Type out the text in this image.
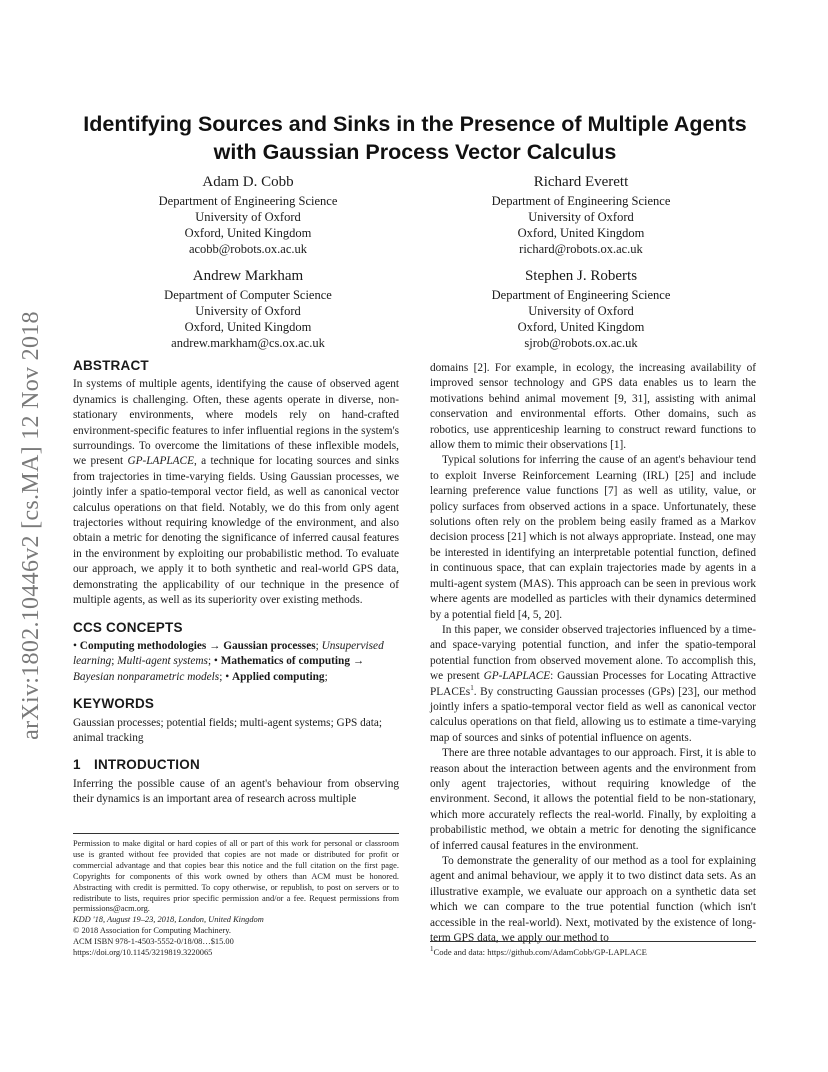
arXiv:1802.10446v2 [cs.MA] 12 Nov 2018
Identifying Sources and Sinks in the Presence of Multiple Agents with Gaussian Process Vector Calculus
Adam D. Cobb
Department of Engineering Science
University of Oxford
Oxford, United Kingdom
acobb@robots.ox.ac.uk
Richard Everett
Department of Engineering Science
University of Oxford
Oxford, United Kingdom
richard@robots.ox.ac.uk
Andrew Markham
Department of Computer Science
University of Oxford
Oxford, United Kingdom
andrew.markham@cs.ox.ac.uk
Stephen J. Roberts
Department of Engineering Science
University of Oxford
Oxford, United Kingdom
sjrob@robots.ox.ac.uk
ABSTRACT

In systems of multiple agents, identifying the cause of observed agent dynamics is challenging. Often, these agents operate in diverse, non-stationary environments, where models rely on hand-crafted environment-specific features to infer influential regions in the system's surroundings. To overcome the limitations of these inflexible models, we present GP-LAPLACE, a technique for locating sources and sinks from trajectories in time-varying fields. Using Gaussian processes, we jointly infer a spatio-temporal vector field, as well as canonical vector calculus operations on that field. Notably, we do this from only agent trajectories without requiring knowledge of the environment, and also obtain a metric for denoting the significance of inferred causal features in the environment by exploiting our probabilistic method. To evaluate our approach, we apply it to both synthetic and real-world GPS data, demonstrating the applicability of our technique in the presence of multiple agents, as well as its superiority over existing methods.

CCS CONCEPTS

• Computing methodologies → Gaussian processes; Unsupervised learning; Multi-agent systems; • Mathematics of computing → Bayesian nonparametric models; • Applied computing;

KEYWORDS

Gaussian processes; potential fields; multi-agent systems; GPS data; animal tracking

1 INTRODUCTION

Inferring the possible cause of an agent's behaviour from observing their dynamics is an important area of research across multiple

Permission to make digital or hard copies of all or part of this work for personal or classroom use is granted without fee provided that copies are not made or distributed for profit or commercial advantage and that copies bear this notice and the full citation on the first page. Copyrights for components of this work owned by others than ACM must be honored. Abstracting with credit is permitted. To copy otherwise, or republish, to post on servers or to redistribute to lists, requires prior specific permission and/or a fee. Request permissions from permissions@acm.org.

KDD '18, August 19–23, 2018, London, United Kingdom

© 2018 Association for Computing Machinery.

ACM ISBN 978-1-4503-5552-0/18/08…$15.00

https://doi.org/10.1145/3219819.3220065

domains [2]. For example, in ecology, the increasing availability of improved sensor technology and GPS data enables us to learn the motivations behind animal movement [9, 31], assisting with animal conservation and environmental efforts. Other domains, such as robotics, use apprenticeship learning to construct reward functions to allow them to mimic their observations [1].

Typical solutions for inferring the cause of an agent's behaviour tend to exploit Inverse Reinforcement Learning (IRL) [25] and include learning preference value functions [7] as well as utility, value, or policy surfaces from observed actions in a space. Unfortunately, these solutions often rely on the problem being easily framed as a Markov decision process [21] which is not always appropriate. Instead, one may be interested in identifying an interpretable potential function, defined in continuous space, that can explain trajectories made by agents in a multi-agent system (MAS). This approach can be seen in previous work where agents are modelled as particles with their dynamics determined by a potential field [4, 5, 20].

In this paper, we consider observed trajectories influenced by a time- and space-varying potential function, and infer the spatio-temporal potential function from observed movement alone. To accomplish this, we present GP-LAPLACE: Gaussian Processes for Locating Attractive PLACEs$^1$. By constructing Gaussian processes (GPs) [23], our method jointly infers a spatio-temporal vector field as well as canonical vector calculus operations on that field, allowing us to estimate a time-varying map of sources and sinks of potential influence on agents.

There are three notable advantages to our approach. First, it is able to reason about the interaction between agents and the environment from only agent trajectories, without requiring knowledge of the environment. Second, it allows the potential field to be non-stationary, which more accurately reflects the real-world. Finally, by exploiting a probabilistic method, we obtain a metric for denoting the significance of inferred causal features in the environment.

To demonstrate the generality of our method as a tool for explaining agent and animal behaviour, we apply it to two distinct data sets. As an illustrative example, we evaluate our approach on a synthetic data set which we can compare to the true potential function (which isn't accessible in the real-world). Next, motivated by the existence of long-term GPS data, we apply our method to

$^1$Code and data: https://github.com/AdamCobb/GP-LAPLACE
